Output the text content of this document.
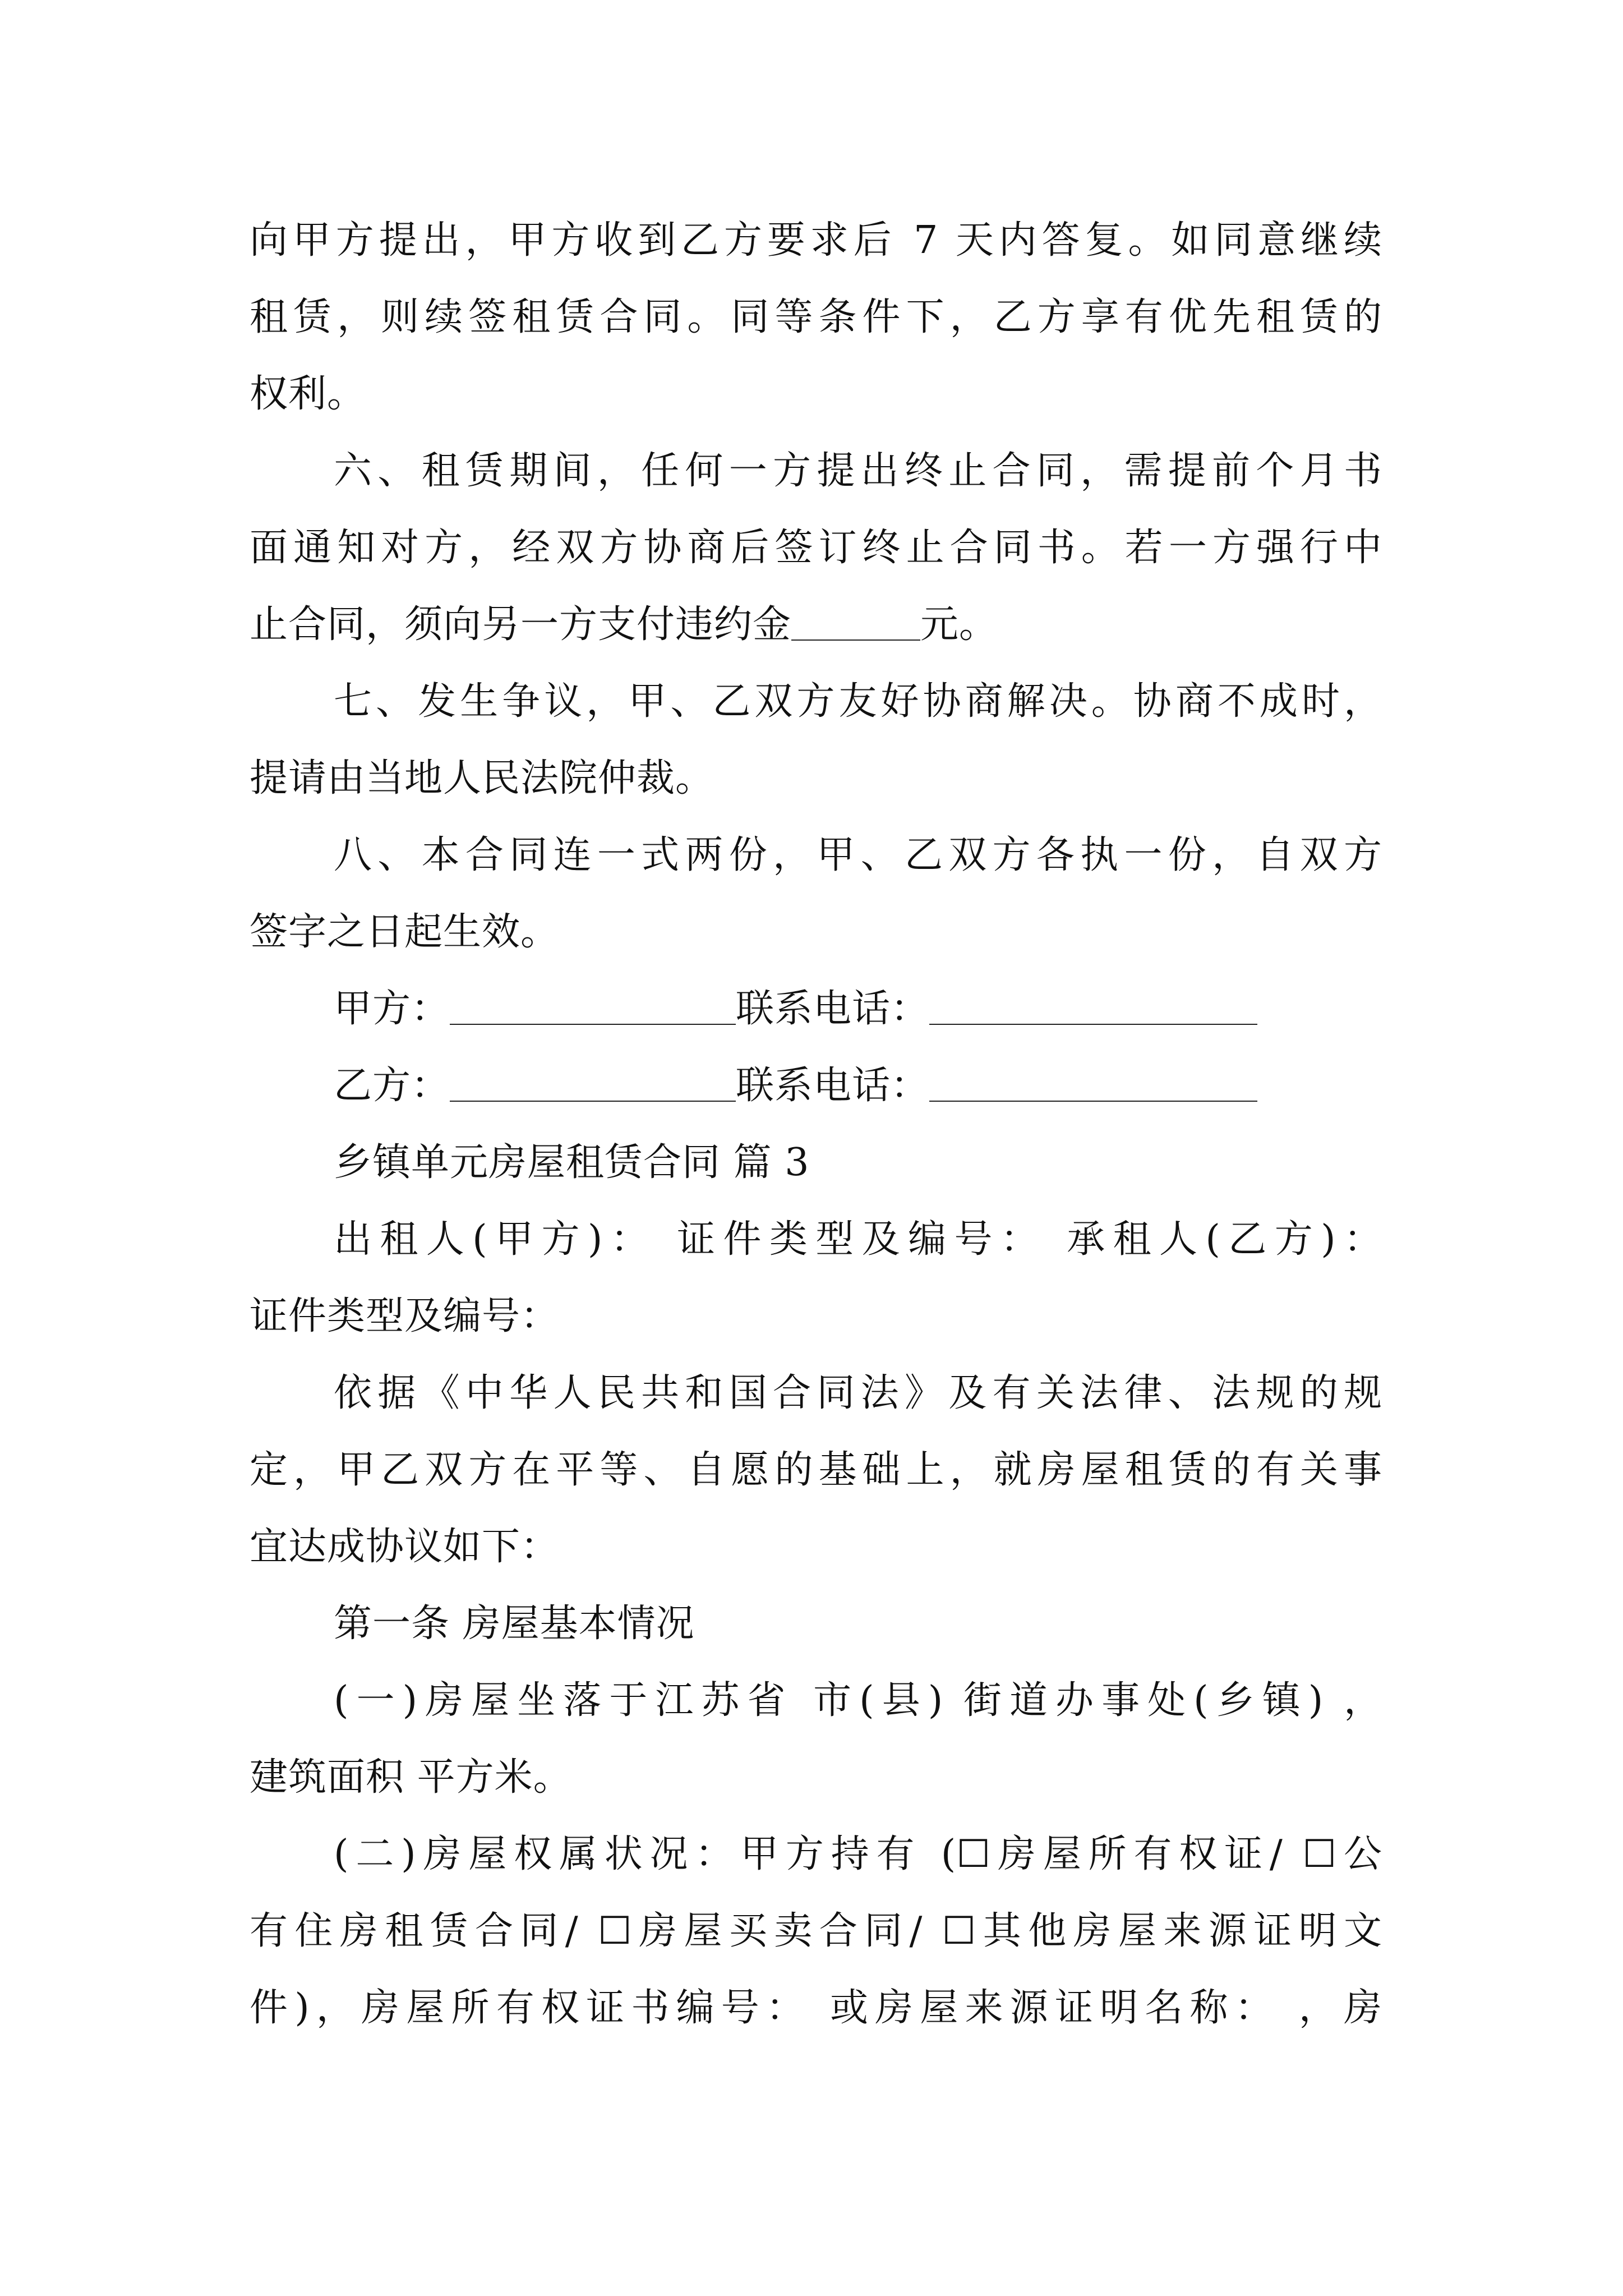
向甲方提出，甲方收到乙方要求后 7 天内答复。如同意继续
租赁，则续签租赁合同。同等条件下，乙方享有优先租赁的
权利。
六、租赁期间，任何一方提出终止合同，需提前个月书
面通知对方，经双方协商后签订终止合同书。若一方强行中
止合同，须向另一方支付违约金	元。
七、发生争议，甲、乙双方友好协商解决。协商不成时，
提请由当地人民法院仲裁。
八、本合同连一式两份，甲、乙双方各执一份，自双方
签字之日起生效。
甲方：	联系电话：
乙方：	联系电话：
乡镇单元房屋租赁合同 篇 3
出租人(甲方)： 证件类型及编号： 承租人(乙方)：
证件类型及编号：
依据《中华人民共和国合同法》及有关法律、法规的规
定，甲乙双方在平等、自愿的基础上，就房屋租赁的有关事
宜达成协议如下：
第一条 房屋基本情况
(一)房屋坐落于江苏省 市(县) 街道办事处(乡镇) ，
建筑面积 平方米。
(二)房屋权属状况：甲方持有 (☐房屋所有权证/ ☐公
有住房租赁合同/ ☐房屋买卖合同/ ☐其他房屋来源证明文
件)，房屋所有权证书编号： 或房屋来源证明名称： ，房
